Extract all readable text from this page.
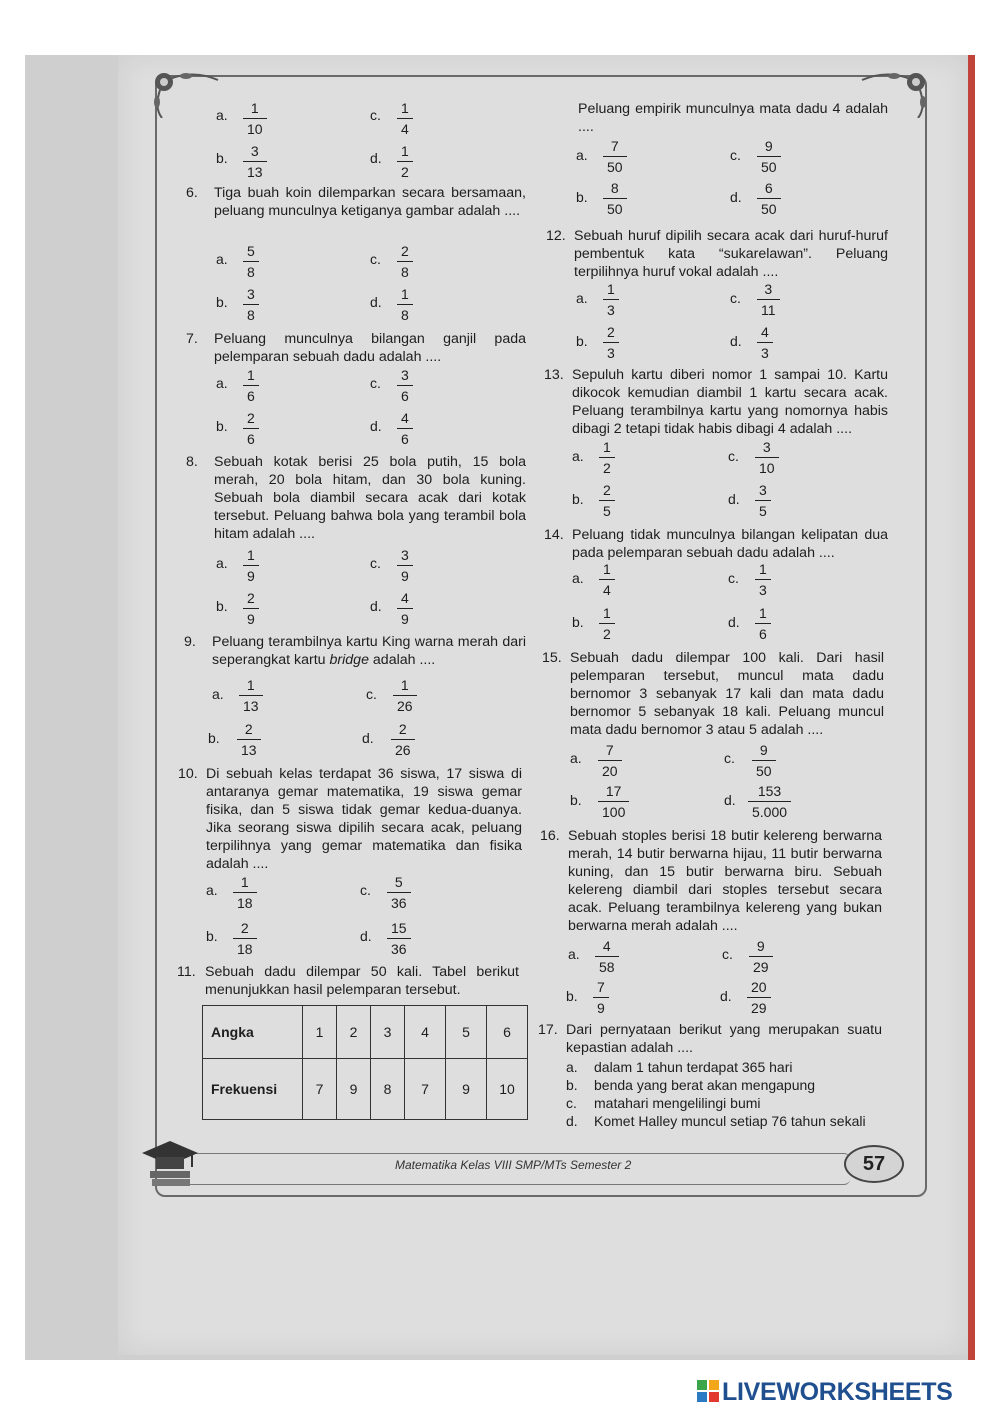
a. $\frac{1}{10}$	c. $\frac{1}{4}$
b. $\frac{3}{13}$	d. $\frac{1}{2}$
6. Tiga buah koin dilemparkan secara bersamaan, peluang munculnya ketiganya gambar adalah ....
a. $\frac{5}{8}$	c. $\frac{2}{8}$
b. $\frac{3}{8}$	d. $\frac{1}{8}$
7. Peluang munculnya bilangan ganjil pada pelemparan sebuah dadu adalah ....
a. $\frac{1}{6}$	c. $\frac{3}{6}$
b. $\frac{2}{6}$	d. $\frac{4}{6}$
8. Sebuah kotak berisi 25 bola putih, 15 bola merah, 20 bola hitam, dan 30 bola kuning. Sebuah bola diambil secara acak dari kotak tersebut. Peluang bahwa bola yang terambil bola hitam adalah ....
a. $\frac{1}{9}$	c. $\frac{3}{9}$
b. $\frac{2}{9}$	d. $\frac{4}{9}$
9. Peluang terambilnya kartu King warna merah dari seperangkat kartu bridge adalah ....
a. $\frac{1}{13}$	c. $\frac{1}{26}$
b. $\frac{2}{13}$	d. $\frac{2}{26}$
10. Di sebuah kelas terdapat 36 siswa, 17 siswa di antaranya gemar matematika, 19 siswa gemar fisika, dan 5 siswa tidak gemar kedua-duanya. Jika seorang siswa dipilih secara acak, peluang terpilihnya yang gemar matematika dan fisika adalah ....
a. $\frac{1}{18}$	c. $\frac{5}{36}$
b. $\frac{2}{18}$	d. $\frac{15}{36}$
11. Sebuah dadu dilempar 50 kali. Tabel berikut menunjukkan hasil pelemparan tersebut.
Angka	1	2	3	4	5	6
Frekuensi	7	9	8	7	9	10
Peluang empirik munculnya mata dadu 4 adalah ....
a. $\frac{7}{50}$	c. $\frac{9}{50}$
b. $\frac{8}{50}$	d. $\frac{6}{50}$
12. Sebuah huruf dipilih secara acak dari huruf-huruf pembentuk kata “sukarelawan”. Peluang terpilihnya huruf vokal adalah ....
a. $\frac{1}{3}$	c. $\frac{3}{11}$
b. $\frac{2}{3}$	d. $\frac{4}{3}$
13. Sepuluh kartu diberi nomor 1 sampai 10. Kartu dikocok kemudian diambil 1 kartu secara acak. Peluang terambilnya kartu yang nomornya habis dibagi 2 tetapi tidak habis dibagi 4 adalah ....
a. $\frac{1}{2}$	c. $\frac{3}{10}$
b. $\frac{2}{5}$	d. $\frac{3}{5}$
14. Peluang tidak munculnya bilangan kelipatan dua pada pelemparan sebuah dadu adalah ....
a. $\frac{1}{4}$	c. $\frac{1}{3}$
b. $\frac{1}{2}$	d. $\frac{1}{6}$
15. Sebuah dadu dilempar 100 kali. Dari hasil pelemparan tersebut, muncul mata dadu bernomor 3 sebanyak 17 kali dan mata dadu bernomor 5 sebanyak 18 kali. Peluang muncul mata dadu bernomor 3 atau 5 adalah ....
a. $\frac{7}{20}$	c. $\frac{9}{50}$
b. $\frac{17}{100}$	d. $\frac{153}{5.000}$
16. Sebuah stoples berisi 18 butir kelereng berwarna merah, 14 butir berwarna hijau, 11 butir berwarna kuning, dan 15 butir berwarna biru. Sebuah kelereng diambil dari stoples tersebut secara acak. Peluang terambilnya kelereng yang bukan berwarna merah adalah ....
a. $\frac{4}{58}$	c. $\frac{9}{29}$
b. $\frac{7}{9}$	d. $\frac{20}{29}$
17. Dari pernyataan berikut yang merupakan suatu kepastian adalah ....
a. dalam 1 tahun terdapat 365 hari
b. benda yang berat akan mengapung
c. matahari mengelilingi bumi
d. Komet Halley muncul setiap 76 tahun sekali
Matematika Kelas VIII SMP/MTs Semester 2	57
LIVEWORKSHEETS
